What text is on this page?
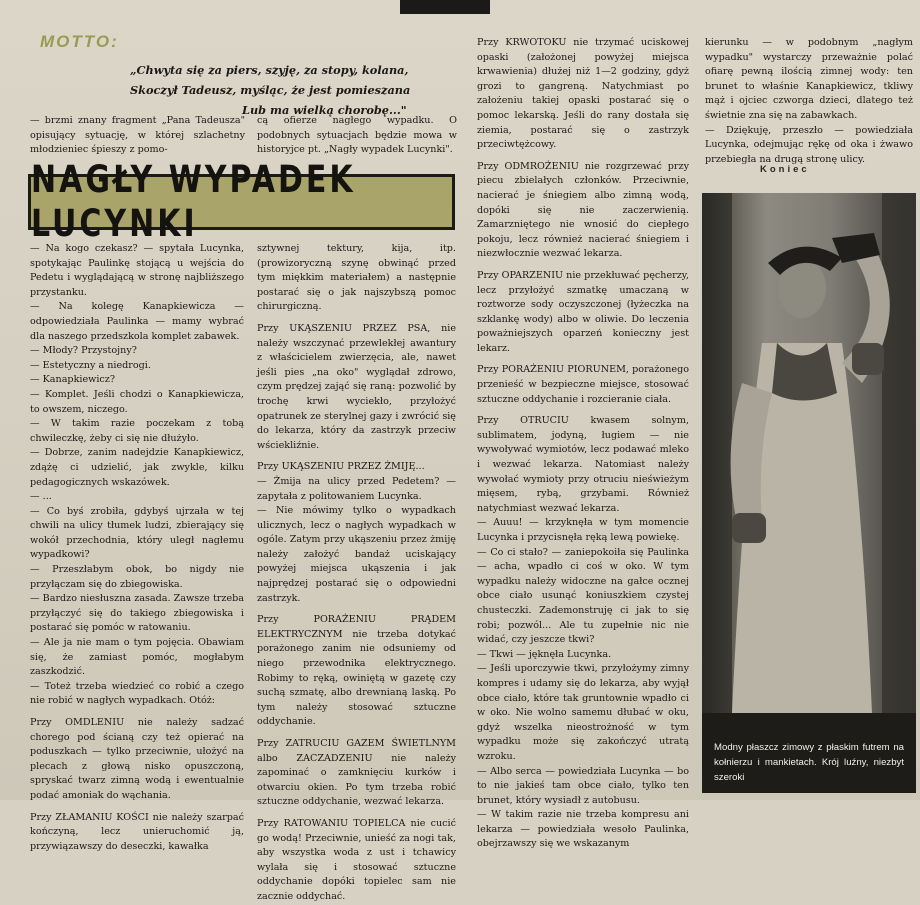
MOTTO:
„Chwyta się za piers, szyję, za stopy, kolana,
Skoczył Tadeusz, myśląc, że jest pomieszana
Lub ma wielką chorobę..."

— brzmi znany fragment „Pana Tadeusza" opisujący sytuację, w której szlachetny młodzieniec śpieszy z pomo-

cą ofierze nagłego wypadku. O podobnych sytuacjach będzie mowa w historyjce pt. „Nagły wypadek Lucynki".

NAGŁY WYPADEK LUCYNKI

— Na kogo czekasz? — spytała Lucynka, spotykając Paulinkę stojącą u wejścia do Pedetu i wyglądającą w stronę najbliższego przystanku.

— Na kolegę Kanapkiewicza — odpowiedziała Paulinka — mamy wybrać dla naszego przedszkola komplet zabawek.

— Młody? Przystojny?

— Estetyczny a niedrogi.

— Kanapkiewicz?

— Komplet. Jeśli chodzi o Kanapkiewicza, to owszem, niczego.

— W takim razie poczekam z tobą chwileczkę, żeby ci się nie dłużyło.

— Dobrze, zanim nadejdzie Kanapkiewicz, zdążę ci udzielić, jak zwykle, kilku pedagogicznych wskazówek.

— ...

— Co byś zrobiła, gdybyś ujrzała w tej chwili na ulicy tłumek ludzi, zbierający się wokół przechodnia, który uległ nagłemu wypadkowi?

— Przeszłabym obok, bo nigdy nie przyłączam się do zbiegowiska.

— Bardzo niesłuszna zasada. Zawsze trzeba przyłączyć się do takiego zbiegowiska i postarać się pomóc w ratowaniu.

— Ale ja nie mam o tym pojęcia. Obawiam się, że zamiast pomóc, mogłabym zaszkodzić.

— Toteż trzeba wiedzieć co robić a czego nie robić w nagłych wypadkach. Otóż:

Przy OMDLENIU nie należy sadzać chorego pod ścianą czy też opierać na poduszkach — tylko przeciwnie, ułożyć na plecach z głową nisko opuszczoną, spryskać twarz zimną wodą i ewentualnie podać amoniak do wąchania.

Przy ZŁAMANIU KOŚCI nie należy szarpać kończyną, lecz unieruchomić ją, przywiązawszy do deseczki, kawałka

sztywnej tektury, kija, itp. (prowizoryczną szynę obwinąć przed tym miękkim materiałem) a następnie postarać się o jak najszybszą pomoc chirurgiczną.

Przy UKĄSZENIU PRZEZ PSA, nie należy wszczynać przewlekłej awantury z właścicielem zwierzęcia, ale, nawet jeśli pies „na oko" wyglądał zdrowo, czym prędzej zająć się raną: pozwolić by trochę krwi wyciekło, przyłożyć opatrunek ze sterylnej gazy i zwrócić się do lekarza, który da zastrzyk przeciw wściekliźnie.

Przy UKĄSZENIU PRZEZ ŻMIJĘ...

— Żmija na ulicy przed Pedetem? — zapytała z politowaniem Lucynka.

— Nie mówimy tylko o wypadkach ulicznych, lecz o nagłych wypadkach w ogóle. Zatym przy ukąszeniu przez żmiję należy założyć bandaż uciskający powyżej miejsca ukąszenia i jak najprędzej postarać się o odpowiedni zastrzyk.

Przy PORAŻENIU PRĄDEM ELEKTRYCZNYM nie trzeba dotykać porażonego zanim nie odsuniemy od niego przewodnika elektrycznego. Robimy to ręką, owiniętą w gazetę czy suchą szmatę, albo drewnianą laską. Po tym należy stosować sztuczne oddychanie.

Przy ZATRUCIU GAZEM ŚWIETLNYM albo ZACZADZENIU nie należy zapominać o zamknięciu kurków i otwarciu okien. Po tym trzeba robić sztuczne oddychanie, wezwać lekarza.

Przy RATOWANIU TOPIELCA nie cucić go wodą! Przeciwnie, unieść za nogi tak, aby wszystka woda z ust i tchawicy wylała się i stosować sztuczne oddychanie dopóki topielec sam nie zacznie oddychać.

Przy KRWOTOKU nie trzymać uciskowej opaski (założonej powyżej miejsca krwawienia) dłużej niż 1—2 godziny, gdyż grozi to gangreną. Natychmiast po założeniu takiej opaski postarać się o pomoc lekarską. Jeśli do rany dostała się ziemia, postarać się o zastrzyk przeciwtężcowy.

Przy ODMROŻENIU nie rozgrzewać przy piecu zbielałych członków. Przeciwnie, nacierać je śniegiem albo zimną wodą, dopóki się nie zaczerwienią. Zamarzniętego nie wnosić do ciepłego pokoju, lecz również nacierać śniegiem i niezwłocznie wezwać lekarza.

Przy OPARZENIU nie przekłuwać pęcherzy, lecz przyłożyć szmatkę umaczaną w roztworze sody oczyszczonej (łyżeczka na szklankę wody) albo w oliwie. Do leczenia poważniejszych oparzeń konieczny jest lekarz.

Przy PORAŻENIU PIORUNEM, porażonego przenieść w bezpieczne miejsce, stosować sztuczne oddychanie i rozcieranie ciała.

Przy OTRUCIU kwasem solnym, sublimatem, jodyną, ługiem — nie wywoływać wymiotów, lecz podawać mleko i wezwać lekarza. Natomiast należy wywołać wymioty przy otruciu nieświeżym mięsem, rybą, grzybami. Również natychmiast wezwać lekarza.

— Auuu! — krzyknęła w tym momencie Lucynka i przycisnęła ręką lewą powiekę.

— Co ci stało? — zaniepokoiła się Paulinka — acha, wpadło ci coś w oko. W tym wypadku należy widoczne na gałce ocznej obce ciało usunąć koniuszkiem czystej chusteczki. Zademonstruję ci jak to się robi; pozwól... Ale tu zupełnie nic nie widać, czy jeszcze tkwi?

— Tkwi — jęknęła Lucynka.

— Jeśli uporczywie tkwi, przyłożymy zimny kompres i udamy się do lekarza, aby wyjął obce ciało, które tak gruntownie wpadło ci w oko. Nie wolno samemu dłubać w oku, gdyż wszelka nieostrożność w tym wypadku może się zakończyć utratą wzroku.

— Albo serca — powiedziała Lucynka — bo to nie jakieś tam obce ciało, tylko ten brunet, który wysiadł z autobusu.

— W takim razie nie trzeba kompresu ani lekarza — powiedziała wesoło Paulinka, obejrzawszy się we wskazanym

kierunku — w podobnym „nagłym wypadku" wystarczy przeważnie polać ofiarę pewną ilością zimnej wody: ten brunet to właśnie Kanapkiewicz, tkliwy mąż i ojciec czworga dzieci, dlatego też świetnie zna się na zabawkach.

— Dziękuję, przeszło — powiedziała Lucynka, odejmując rękę od oka i żwawo przebiegła na drugą stronę ulicy.

Koniec
Modny płaszcz zimowy z płaskim futrem na kołnierzu i mankietach. Krój luźny, niezbyt szeroki
